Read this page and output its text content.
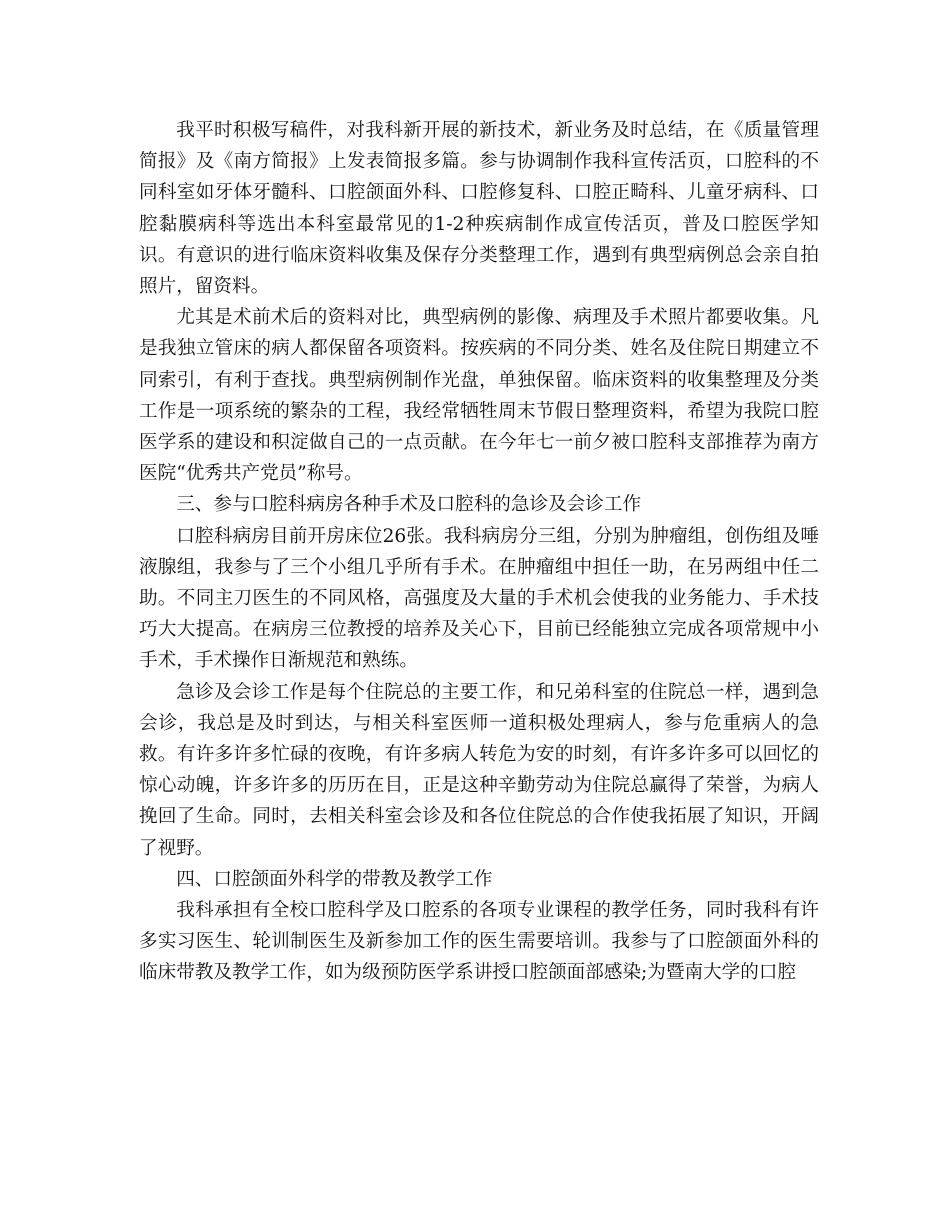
我平时积极写稿件，对我科新开展的新技术，新业务及时总结，在《质量管理简报》及《南方简报》上发表简报多篇。参与协调制作我科宣传活页，口腔科的不同科室如牙体牙髓科、口腔颌面外科、口腔修复科、口腔正畸科、儿童牙病科、口腔黏膜病科等选出本科室最常见的1-2种疾病制作成宣传活页，普及口腔医学知识。有意识的进行临床资料收集及保存分类整理工作，遇到有典型病例总会亲自拍照片，留资料。

尤其是术前术后的资料对比，典型病例的影像、病理及手术照片都要收集。凡是我独立管床的病人都保留各项资料。按疾病的不同分类、姓名及住院日期建立不同索引，有利于查找。典型病例制作光盘，单独保留。临床资料的收集整理及分类工作是一项系统的繁杂的工程，我经常牺牲周末节假日整理资料，希望为我院口腔医学系的建设和积淀做自己的一点贡献。在今年七一前夕被口腔科支部推荐为南方医院“优秀共产党员”称号。

三、参与口腔科病房各种手术及口腔科的急诊及会诊工作

口腔科病房目前开房床位26张。我科病房分三组，分别为肿瘤组，创伤组及唾液腺组，我参与了三个小组几乎所有手术。在肿瘤组中担任一助，在另两组中任二助。不同主刀医生的不同风格，高强度及大量的手术机会使我的业务能力、手术技巧大大提高。在病房三位教授的培养及关心下，目前已经能独立完成各项常规中小手术，手术操作日渐规范和熟练。

急诊及会诊工作是每个住院总的主要工作，和兄弟科室的住院总一样，遇到急会诊，我总是及时到达，与相关科室医师一道积极处理病人，参与危重病人的急救。有许多许多忙碌的夜晚，有许多病人转危为安的时刻，有许多许多可以回忆的惊心动魄，许多许多的历历在目，正是这种辛勤劳动为住院总赢得了荣誉，为病人挽回了生命。同时，去相关科室会诊及和各位住院总的合作使我拓展了知识，开阔了视野。

四、口腔颌面外科学的带教及教学工作

我科承担有全校口腔科学及口腔系的各项专业课程的教学任务，同时我科有许多实习医生、轮训制医生及新参加工作的医生需要培训。我参与了口腔颌面外科的临床带教及教学工作，如为级预防医学系讲授口腔颌面部感染;为暨南大学的口腔
